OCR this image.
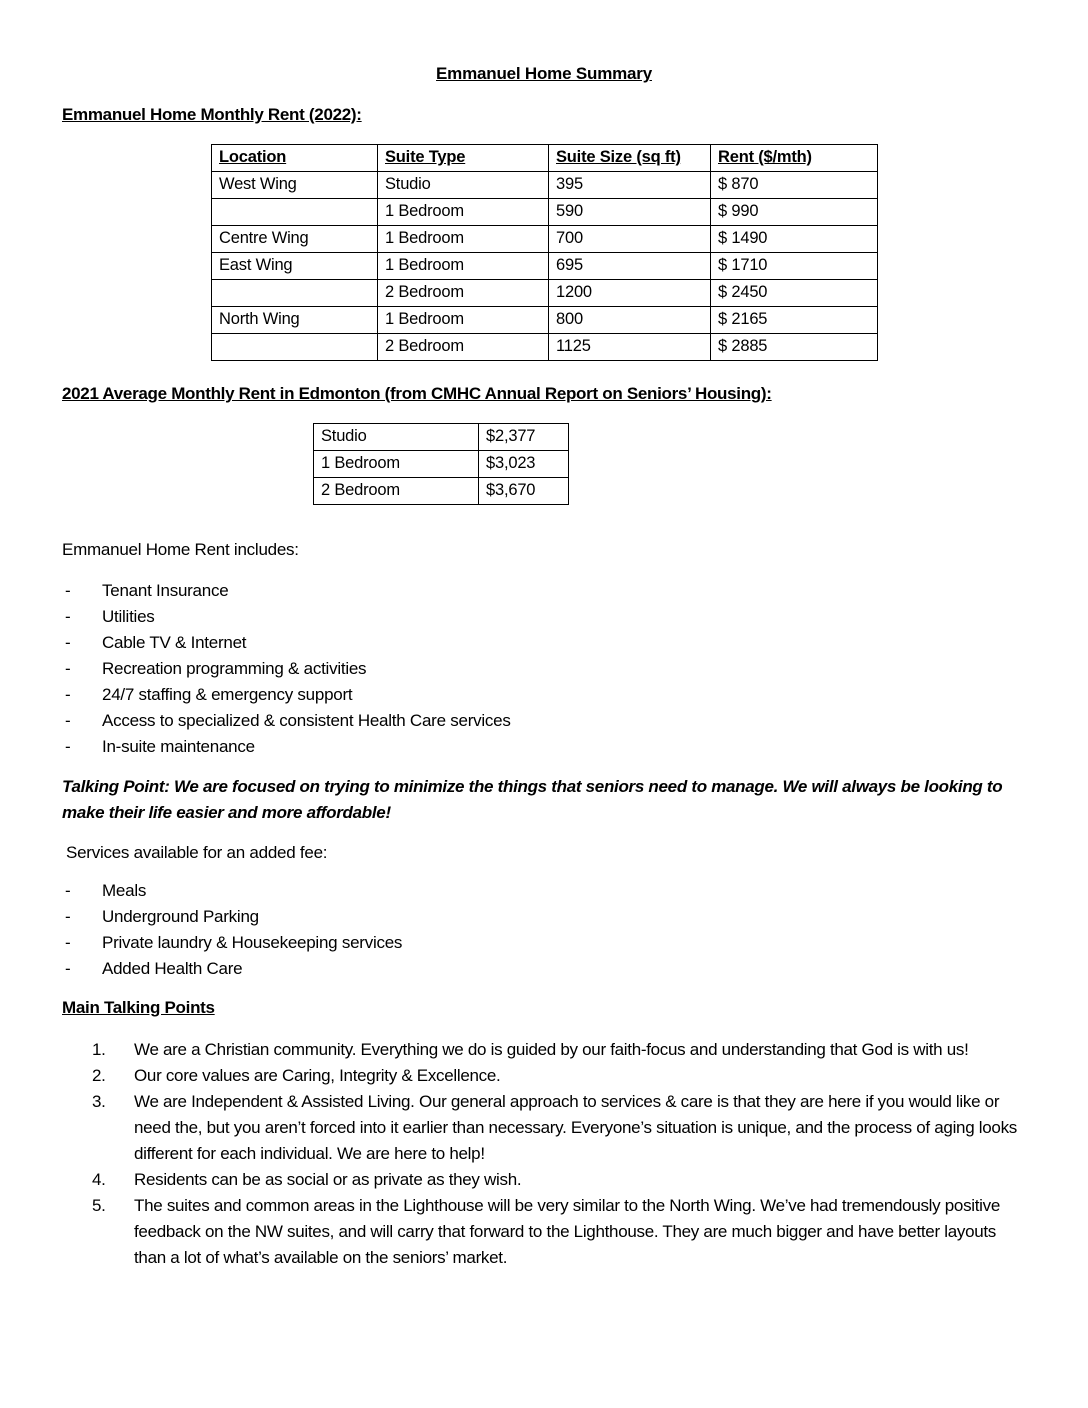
Emmanuel Home Summary
Emmanuel Home Monthly Rent (2022):
Location	Suite Type	Suite Size (sq ft)	Rent ($/mth)
West Wing	Studio	395	$ 870
	1 Bedroom	590	$ 990
Centre Wing	1 Bedroom	700	$ 1490
East Wing	1 Bedroom	695	$ 1710
	2 Bedroom	1200	$ 2450
North Wing	1 Bedroom	800	$ 2165
	2 Bedroom	1125	$ 2885
2021 Average Monthly Rent in Edmonton (from CMHC Annual Report on Seniors’ Housing):
Studio	$2,377
1 Bedroom	$3,023
2 Bedroom	$3,670
Emmanuel Home Rent includes:
- Tenant Insurance
- Utilities
- Cable TV & Internet
- Recreation programming & activities
- 24/7 staffing & emergency support
- Access to specialized & consistent Health Care services
- In-suite maintenance
Talking Point: We are focused on trying to minimize the things that seniors need to manage. We will always be looking to make their life easier and more affordable!
Services available for an added fee:
- Meals
- Underground Parking
- Private laundry & Housekeeping services
- Added Health Care
Main Talking Points
1. We are a Christian community. Everything we do is guided by our faith-focus and understanding that God is with us!
2. Our core values are Caring, Integrity & Excellence.
3. We are Independent & Assisted Living. Our general approach to services & care is that they are here if you would like or need the, but you aren’t forced into it earlier than necessary. Everyone’s situation is unique, and the process of aging looks different for each individual. We are here to help!
4. Residents can be as social or as private as they wish.
5. The suites and common areas in the Lighthouse will be very similar to the North Wing. We’ve had tremendously positive feedback on the NW suites, and will carry that forward to the Lighthouse. They are much bigger and have better layouts than a lot of what’s available on the seniors’ market.
